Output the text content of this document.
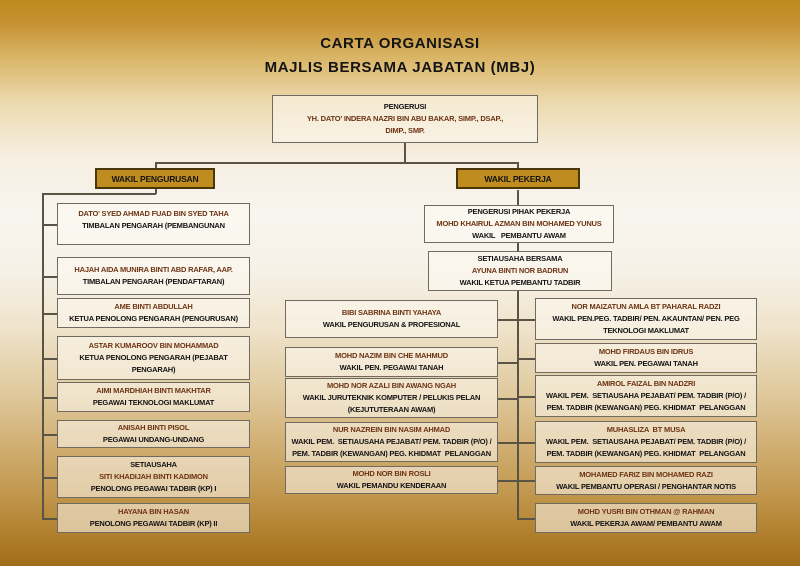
CARTA ORGANISASI
MAJLIS BERSAMA JABATAN (MBJ)
PENGERUSI
YH. DATO' INDERA NAZRI BIN ABU BAKAR, SIMP., DSAP.,
DIMP., SMP.
WAKIL PENGURUSAN	WAKIL PEKERJA
PENGERUSI PIHAK PEKERJA
MOHD KHAIRUL AZMAN BIN MOHAMED YUNUS
WAKIL   PEMBANTU AWAM
SETIAUSAHA BERSAMA
AYUNA BINTI NOR BADRUN
WAKIL KETUA PEMBANTU TADBIR
DATO' SYED AHMAD FUAD BIN SYED TAHA
TIMBALAN PENGARAH (PEMBANGUNAN
HAJAH AIDA MUNIRA BINTI ABD RAFAR, AAP.
TIMBALAN PENGARAH (PENDAFTARAN)
AME BINTI ABDULLAH
KETUA PENOLONG PENGARAH (PENGURUSAN)
ASTAR KUMAROOV BIN MOHAMMAD
KETUA PENOLONG PENGARAH (PEJABAT
PENGARAH)
AIMI MARDHIAH BINTI MAKHTAR
PEGAWAI TEKNOLOGI MAKLUMAT
ANISAH BINTI PISOL
PEGAWAI UNDANG-UNDANG
SETIAUSAHA
SITI KHADIJAH BINTI KADIMON
PENOLONG PEGAWAI TADBIR (KP) I
HAYANA BIN HASAN
PENOLONG PEGAWAI TADBIR (KP) II
BIBI SABRINA BINTI YAHAYA
WAKIL PENGURUSAN & PROFESIONAL
MOHD NAZIM BIN CHE MAHMUD
WAKIL PEN. PEGAWAI TANAH
MOHD NOR AZALI BIN AWANG NGAH
WAKIL JURUTEKNIK KOMPUTER / PELUKIS PELAN
(KEJUTUTERAAN AWAM)
NUR NAZREIN BIN NASIM AHMAD
WAKIL PEM.  SETIAUSAHA PEJABAT/ PEM. TADBIR (P/O) /
PEM. TADBIR (KEWANGAN) PEG. KHIDMAT  PELANGGAN
MOHD NOR BIN ROSLI
WAKIL PEMANDU KENDERAAN
NOR MAIZATUN AMLA BT PAHARAL RADZI
WAKIL PEN.PEG. TADBIR/ PEN. AKAUNTAN/ PEN. PEG
TEKNOLOGI MAKLUMAT
MOHD FIRDAUS BIN IDRUS
WAKIL PEN. PEGAWAI TANAH
AMIROL FAIZAL BIN NADZRI
WAKIL PEM.  SETIAUSAHA PEJABAT/ PEM. TADBIR (P/O) /
PEM. TADBIR (KEWANGAN) PEG. KHIDMAT  PELANGGAN
MUHASLIZA  BT MUSA
WAKIL PEM.  SETIAUSAHA PEJABAT/ PEM. TADBIR (P/O) /
PEM. TADBIR (KEWANGAN) PEG. KHIDMAT  PELANGGAN
MOHAMED FARIZ BIN MOHAMED RAZI
WAKIL PEMBANTU OPERASI / PENGHANTAR NOTIS
MOHD YUSRI BIN OTHMAN @ RAHMAN
WAKIL PEKERJA AWAM/ PEMBANTU AWAM
